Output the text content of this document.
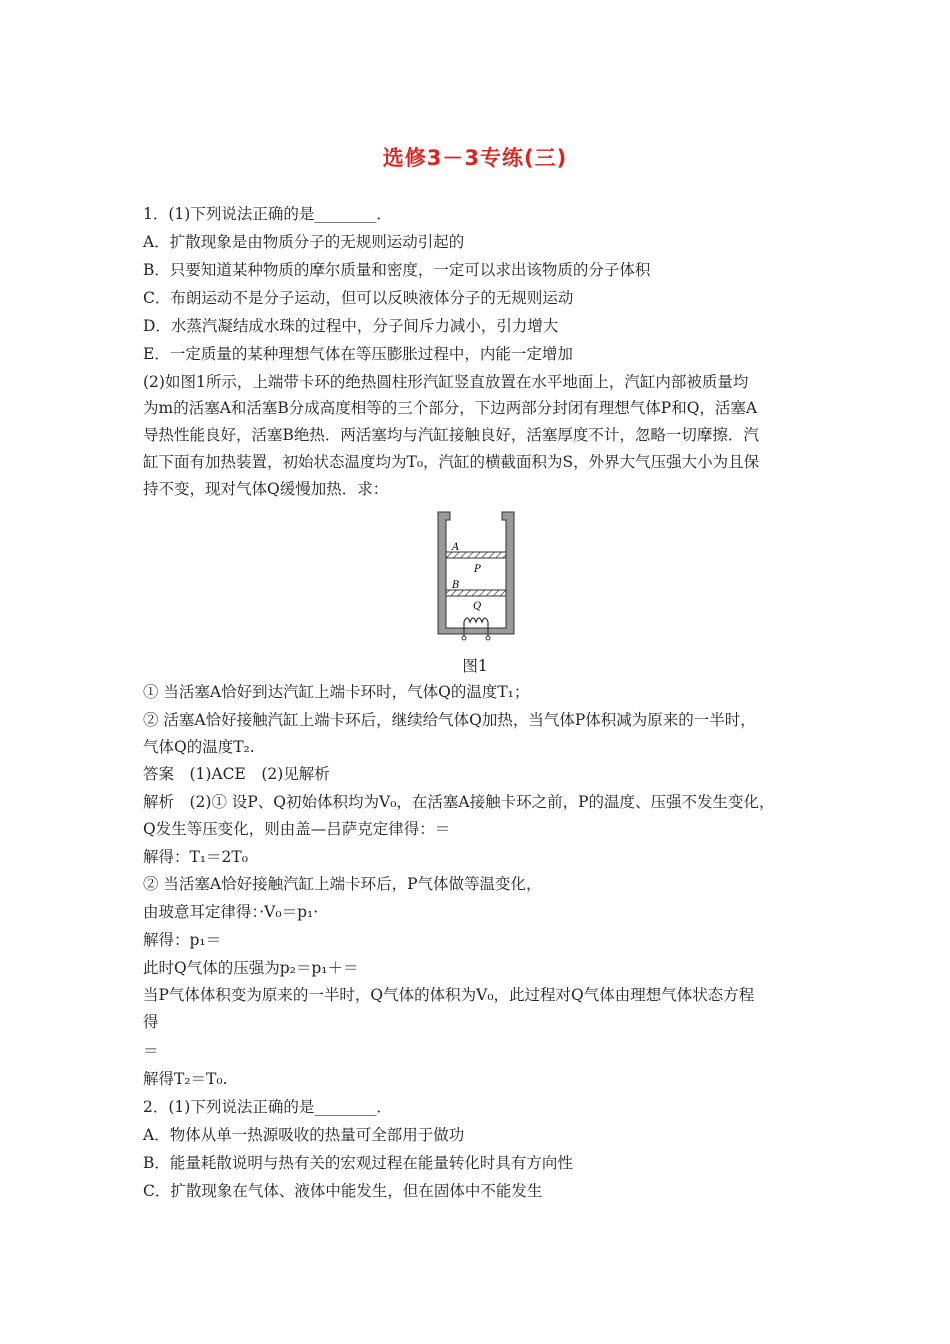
选修3－3专练(三)
1．(1)下列说法正确的是________．
A．扩散现象是由物质分子的无规则运动引起的
B．只要知道某种物质的摩尔质量和密度，一定可以求出该物质的分子体积
C．布朗运动不是分子运动，但可以反映液体分子的无规则运动
D．水蒸汽凝结成水珠的过程中，分子间斥力减小，引力增大
E．一定质量的某种理想气体在等压膨胀过程中，内能一定增加
(2)如图1所示，上端带卡环的绝热圆柱形汽缸竖直放置在水平地面上，汽缸内部被质量均
为m的活塞A和活塞B分成高度相等的三个部分，下边两部分封闭有理想气体P和Q，活塞A
导热性能良好，活塞B绝热．两活塞均与汽缸接触良好，活塞厚度不计，忽略一切摩擦．汽
缸下面有加热装置，初始状态温度均为T₀，汽缸的横截面积为S，外界大气压强大小为且保
持不变，现对气体Q缓慢加热．求：
A
P
B
Q
图1
① 当活塞A恰好到达汽缸上端卡环时，气体Q的温度T₁；
② 活塞A恰好接触汽缸上端卡环后，继续给气体Q加热，当气体P体积减为原来的一半时，
气体Q的温度T₂.
答案　(1)ACE　(2)见解析
解析　(2)① 设P、Q初始体积均为V₀，在活塞A接触卡环之前，P的温度、压强不发生变化，
Q发生等压变化，则由盖—吕萨克定律得：＝
解得：T₁＝2T₀
② 当活塞A恰好接触汽缸上端卡环后，P气体做等温变化，
由玻意耳定律得：·V₀＝p₁·
解得：p₁＝
此时Q气体的压强为p₂＝p₁＋＝
当P气体体积变为原来的一半时，Q气体的体积为V₀，此过程对Q气体由理想气体状态方程
得
＝
解得T₂＝T₀.
2．(1)下列说法正确的是________．
A．物体从单一热源吸收的热量可全部用于做功
B．能量耗散说明与热有关的宏观过程在能量转化时具有方向性
C．扩散现象在气体、液体中能发生，但在固体中不能发生
